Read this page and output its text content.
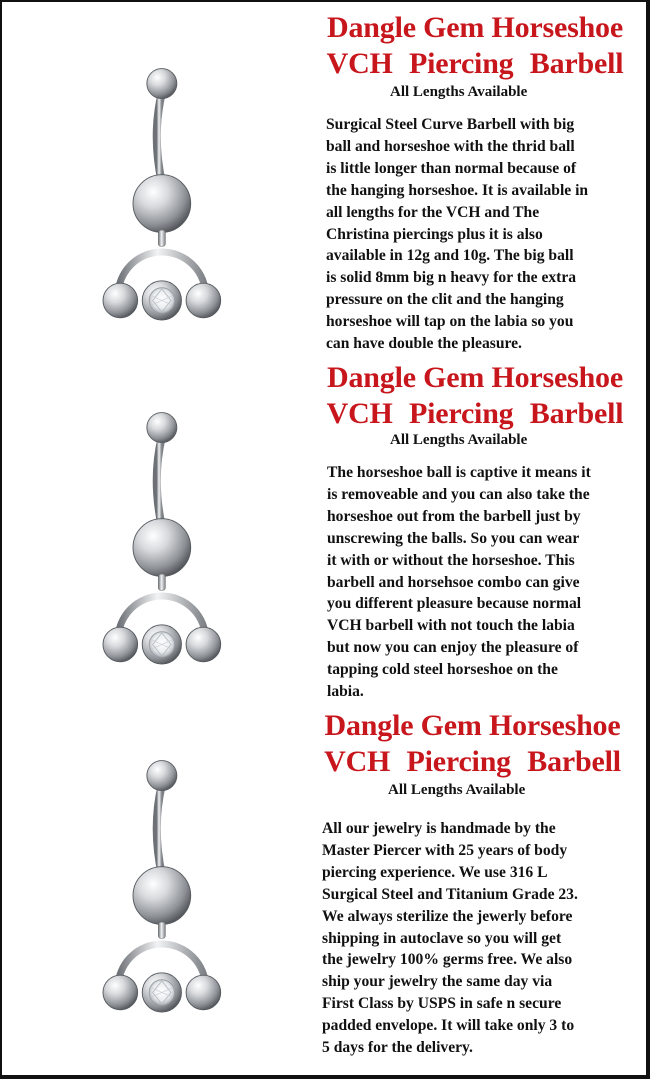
Dangle Gem Horseshoe
VCH Piercing Barbell
All Lengths Available

Surgical Steel Curve Barbell with big
ball and horseshoe with the thrid ball
is little longer than normal because of
the hanging horseshoe. It is available in
all lengths for the VCH and The
Christina piercings plus it is also
available in 12g and 10g. The big ball
is solid 8mm big n heavy for the extra
pressure on the clit and the hanging
horseshoe will tap on the labia so you
can have double the pleasure.

Dangle Gem Horseshoe
VCH Piercing Barbell
All Lengths Available

The horseshoe ball is captive it means it
is removeable and you can also take the
horseshoe out from the barbell just by
unscrewing the balls. So you can wear
it with or without the horseshoe. This
barbell and horsehsoe combo can give
you different pleasure because normal
VCH barbell with not touch the labia
but now you can enjoy the pleasure of
tapping cold steel horseshoe on the
labia.

Dangle Gem Horseshoe
VCH Piercing Barbell
All Lengths Available

All our jewelry is handmade by the
Master Piercer with 25 years of body
piercing experience. We use 316 L
Surgical Steel and Titanium Grade 23.
We always sterilize the jewerly before
shipping in autoclave so you will get
the jewelry 100% germs free. We also
ship your jewelry the same day via
First Class by USPS in safe n secure
padded envelope. It will take only 3 to
5 days for the delivery.
